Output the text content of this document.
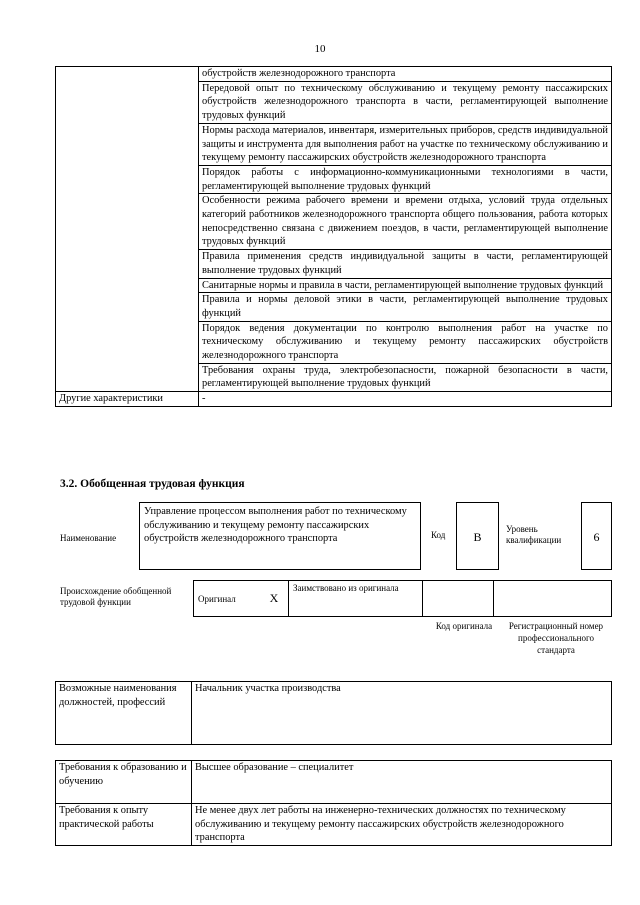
10
	обустройств железнодорожного транспорта
	Передовой опыт по техническому обслуживанию и текущему ремонту пассажирских обустройств железнодорожного транспорта в части, регламентирующей выполнение трудовых функций
	Нормы расхода материалов, инвентаря, измерительных приборов, средств индивидуальной защиты и инструмента для выполнения работ на участке по техническому обслуживанию и текущему ремонту пассажирских обустройств железнодорожного транспорта
	Порядок работы с информационно-коммуникационными технологиями в части, регламентирующей выполнение трудовых функций
	Особенности режима рабочего времени и времени отдыха, условий труда отдельных категорий работников железнодорожного транспорта общего пользования, работа которых непосредственно связана с движением поездов, в части, регламентирующей выполнение трудовых функций
	Правила применения средств индивидуальной защиты в части, регламентирующей выполнение трудовых функций
	Санитарные нормы и правила в части, регламентирующей выполнение трудовых функций
	Правила и нормы деловой этики в части, регламентирующей выполнение трудовых функций
	Порядок ведения документации по контролю выполнения работ на участке по техническому обслуживанию и текущему ремонту пассажирских обустройств железнодорожного транспорта
	Требования охраны труда, электробезопасности, пожарной безопасности в части, регламентирующей выполнение трудовых функций
Другие характеристики	-
3.2. Обобщенная трудовая функция
Наименование
Управление процессом выполнения работ по техническому обслуживанию и текущему ремонту пассажирских обустройств железнодорожного транспорта	Код	B
Уровень квалификации	6
Происхождение обобщенной трудовой функции	Оригинал	X	Заимствовано из оригинала		
Код оригинала	Регистрационный номер профессионального стандарта
Возможные наименования должностей, профессий	Начальник участка производства
Требования к образованию и обучению	Высшее образование – специалитет
Требования к опыту практической работы	Не менее двух лет работы на инженерно-технических должностях по техническому обслуживанию и текущему ремонту пассажирских обустройств железнодорожного транспорта
